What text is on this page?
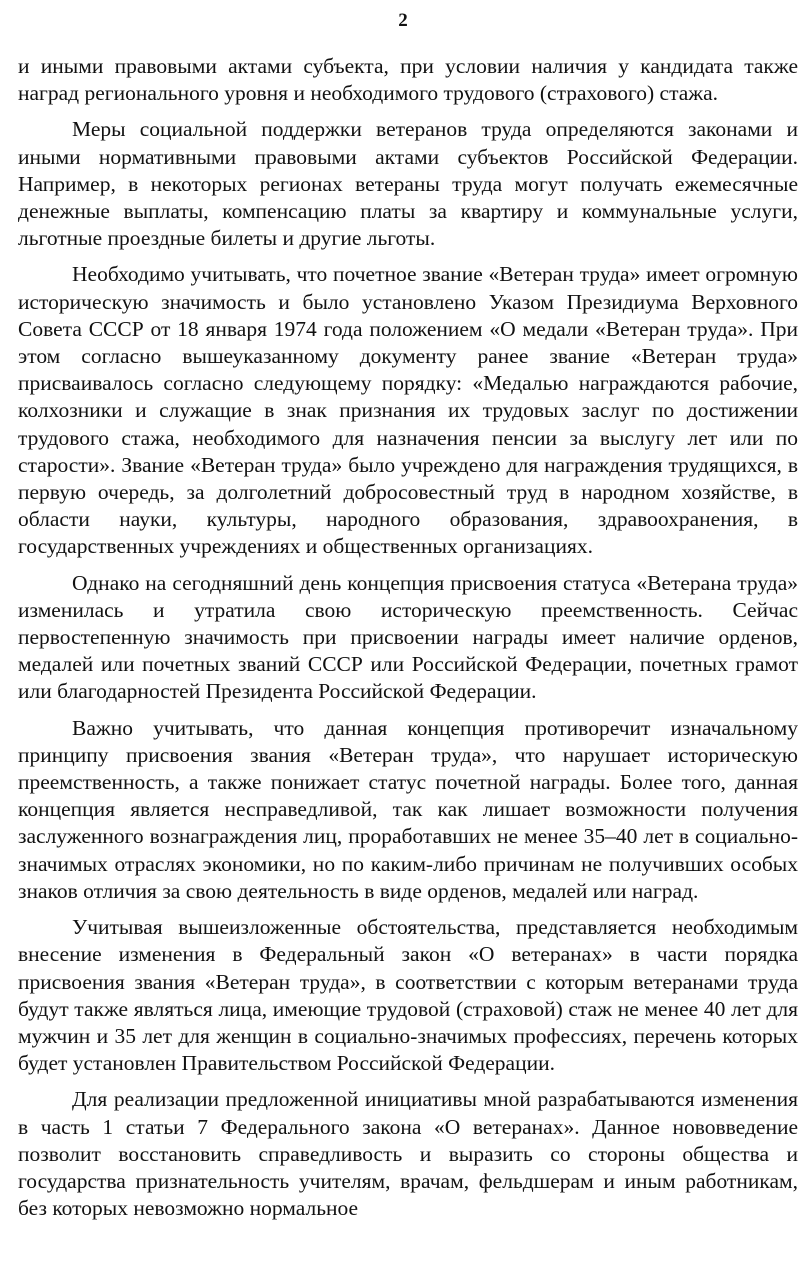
2

и иными правовыми актами субъекта, при условии наличия у кандидата также наград регионального уровня и необходимого трудового (страхового) стажа.

Меры социальной поддержки ветеранов труда определяются законами и иными нормативными правовыми актами субъектов Российской Федерации. Например, в некоторых регионах ветераны труда могут получать ежемесячные денежные выплаты, компенсацию платы за квартиру и коммунальные услуги, льготные проездные билеты и другие льготы.

Необходимо учитывать, что почетное звание «Ветеран труда» имеет огромную историческую значимость и было установлено Указом Президиума Верховного Совета СССР от 18 января 1974 года положением «О медали «Ветеран труда». При этом согласно вышеуказанному документу ранее звание «Ветеран труда» присваивалось согласно следующему порядку: «Медалью награждаются рабочие, колхозники и служащие в знак признания их трудовых заслуг по достижении трудового стажа, необходимого для назначения пенсии за выслугу лет или по старости». Звание «Ветеран труда» было учреждено для награждения трудящихся, в первую очередь, за долголетний добросовестный труд в народном хозяйстве, в области науки, культуры, народного образования, здравоохранения, в государственных учреждениях и общественных организациях.

Однако на сегодняшний день концепция присвоения статуса «Ветерана труда» изменилась и утратила свою историческую преемственность. Сейчас первостепенную значимость при присвоении награды имеет наличие орденов, медалей или почетных званий СССР или Российской Федерации, почетных грамот или благодарностей Президента Российской Федерации.

Важно учитывать, что данная концепция противоречит изначальному принципу присвоения звания «Ветеран труда», что нарушает историческую преемственность, а также понижает статус почетной награды. Более того, данная концепция является несправедливой, так как лишает возможности получения заслуженного вознаграждения лиц, проработавших не менее 35–40 лет в социально-значимых отраслях экономики, но по каким-либо причинам не получивших особых знаков отличия за свою деятельность в виде орденов, медалей или наград.

Учитывая вышеизложенные обстоятельства, представляется необходимым внесение изменения в Федеральный закон «О ветеранах» в части порядка присвоения звания «Ветеран труда», в соответствии с которым ветеранами труда будут также являться лица, имеющие трудовой (страховой) стаж не менее 40 лет для мужчин и 35 лет для женщин в социально-значимых профессиях, перечень которых будет установлен Правительством Российской Федерации.

Для реализации предложенной инициативы мной разрабатываются изменения в часть 1 статьи 7 Федерального закона «О ветеранах». Данное нововведение позволит восстановить справедливость и выразить со стороны общества и государства признательность учителям, врачам, фельдшерам и иным работникам, без которых невозможно нормальное
